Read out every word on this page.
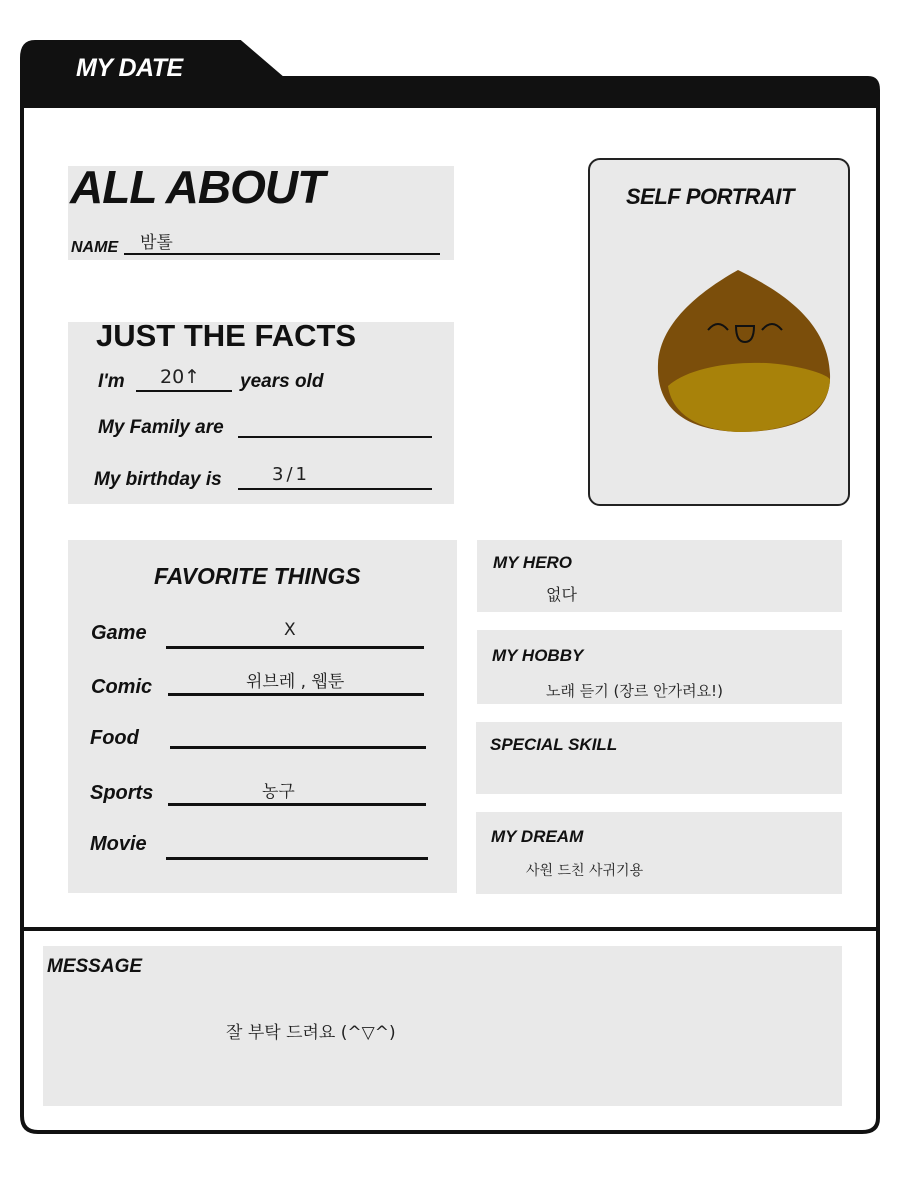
MY DATE
ALL ABOUT
NAME 밤톨
JUST THE FACTS
I'm 20↑ years old
My Family are
My birthday is	3/1
SELF PORTRAIT
FAVORITE THINGS
Game	X
Comic	위브레 , 웹툰
Food
Sports	농구
Movie
MY HERO
없다
MY HOBBY
노래 듣기 (장르 안가려요!)
SPECIAL SKILL
MY DREAM
사원 드친 사귀기용
MESSAGE
잘 부탁 드려요 (^▽^)
